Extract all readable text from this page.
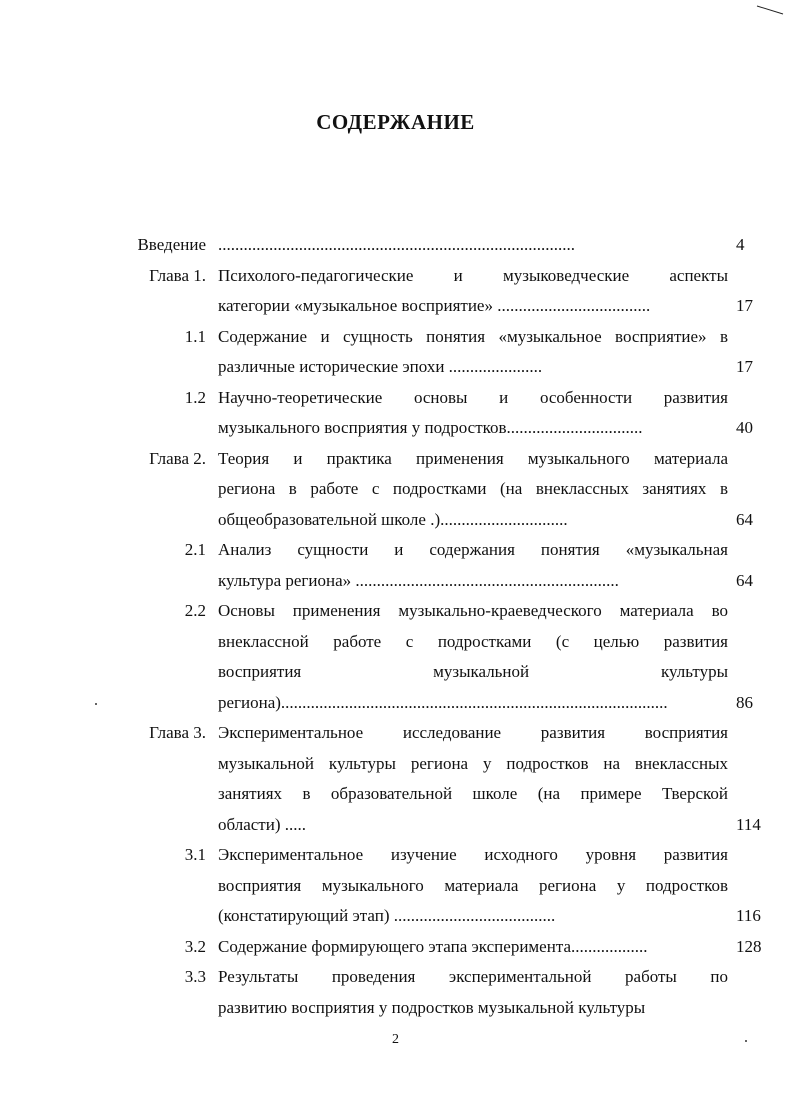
СОДЕРЖАНИЕ
Введение ....................................................................................	4
Глава 1. Психолого-педагогические и музыковедческие аспекты

категории «музыкальное восприятие» ....................................	17
1.1 Содержание и сущность понятия «музыкальное восприятие» в

различные исторические эпохи ......................	17
1.2 Научно-теоретические основы и особенности развития

музыкального восприятия у подростков................................	40
Глава 2. Теория и практика применения музыкального материала

региона в работе с подростками (на внеклассных занятиях в

общеобразовательной школе .)..............................	64
2.1 Анализ сущности и содержания понятия «музыкальная

культура региона» ..............................................................	64
2.2 Основы применения музыкально-краеведческого материала во

внеклассной работе с подростками (с целью развития

восприятия музыкальной культуры

региона)...........................................................................................	86
Глава 3. Экспериментальное исследование развития восприятия

музыкальной культуры региона у подростков на внеклассных

занятиях в образовательной школе (на примере Тверской

области) .....	114
3.1 Экспериментальное изучение исходного уровня развития

восприятия музыкального материала региона у подростков

(констатирующий этап) ......................................	116
3.2 Содержание формирующего этапа эксперимента..................	128
3.3 Результаты проведения экспериментальной работы по

развитию восприятия у подростков музыкальной культуры

2
